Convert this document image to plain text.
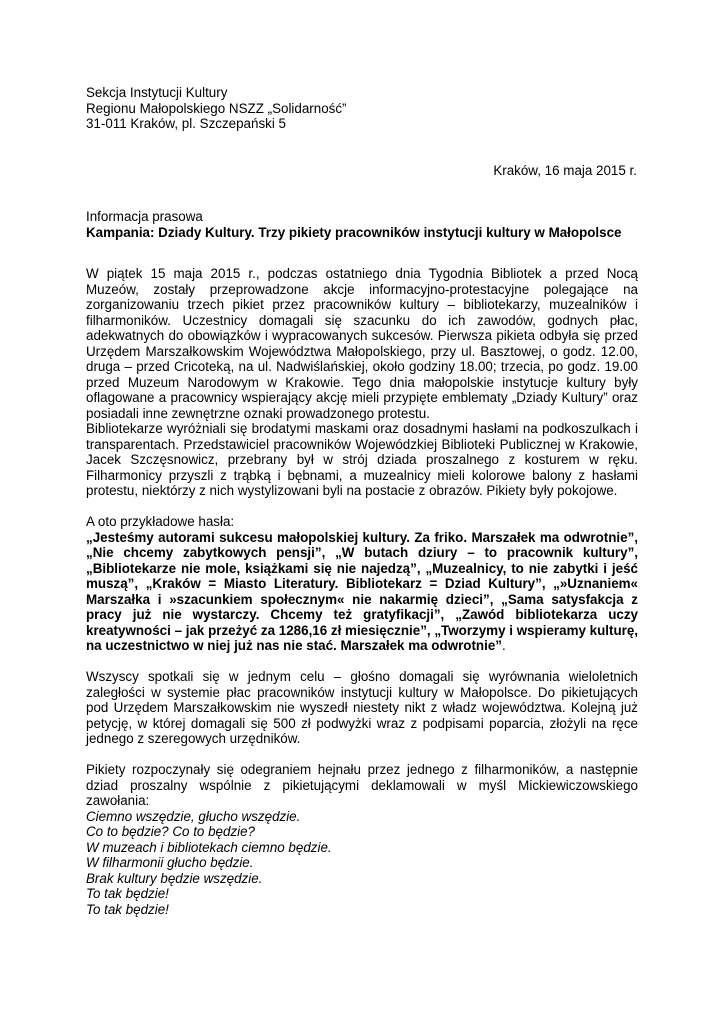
Sekcja Instytucji Kultury
Regionu Małopolskiego NSZZ „Solidarność”
31-011 Kraków, pl. Szczepański 5
Kraków, 16 maja 2015 r.
Informacja prasowa
Kampania: Dziady Kultury. Trzy pikiety pracowników instytucji kultury w Małopolsce

W piątek 15 maja 2015 r., podczas ostatniego dnia Tygodnia Bibliotek a przed Nocą Muzeów, zostały przeprowadzone akcje informacyjno-protestacyjne polegające na zorganizowaniu trzech pikiet przez pracowników kultury – bibliotekarzy, muzealników i filharmoników. Uczestnicy domagali się szacunku do ich zawodów, godnych płac, adekwatnych do obowiązków i wypracowanych sukcesów. Pierwsza pikieta odbyła się przed Urzędem Marszałkowskim Województwa Małopolskiego, przy ul. Basztowej, o godz. 12.00, druga – przed Cricoteką, na ul. Nadwiślańskiej, około godziny 18.00; trzecia, po godz. 19.00 przed Muzeum Narodowym w Krakowie. Tego dnia małopolskie instytucje kultury były oflagowane a pracownicy wspierający akcję mieli przypięte emblematy „Dziady Kultury” oraz posiadali inne zewnętrzne oznaki prowadzonego protestu.

Bibliotekarze wyróżniali się brodatymi maskami oraz dosadnymi hasłami na podkoszulkach i transparentach. Przedstawiciel pracowników Wojewódzkiej Biblioteki Publicznej w Krakowie, Jacek Szczęsnowicz, przebrany był w strój dziada proszalnego z kosturem w ręku. Filharmonicy przyszli z trąbką i bębnami, a muzealnicy mieli kolorowe balony z hasłami protestu, niektórzy z nich wystylizowani byli na postacie z obrazów. Pikiety były pokojowe.

A oto przykładowe hasła:

„Jesteśmy autorami sukcesu małopolskiej kultury. Za friko. Marszałek ma odwrotnie”, „Nie chcemy zabytkowych pensji”, „W butach dziury – to pracownik kultury”, „Bibliotekarze nie mole, książkami się nie najedzą”, „Muzealnicy, to nie zabytki i jeść muszą”, „Kraków = Miasto Literatury. Bibliotekarz = Dziad Kultury”, „»Uznaniem« Marszałka i »szacunkiem społecznym« nie nakarmię dzieci”, „Sama satysfakcja z pracy już nie wystarczy. Chcemy też gratyfikacji”, „Zawód bibliotekarza uczy kreatywności – jak przeżyć za 1286,16 zł miesięcznie”, „Tworzymy i wspieramy kulturę, na uczestnictwo w niej już nas nie stać. Marszałek ma odwrotnie”.

Wszyscy spotkali się w jednym celu – głośno domagali się wyrównania wieloletnich zaległości w systemie płac pracowników instytucji kultury w Małopolsce. Do pikietujących pod Urzędem Marszałkowskim nie wyszedł niestety nikt z władz województwa. Kolejną już petycję, w której domagali się 500 zł podwyżki wraz z podpisami poparcia, złożyli na ręce jednego z szeregowych urzędników.

Pikiety rozpoczynały się odegraniem hejnału przez jednego z filharmoników, a następnie dziad proszalny wspólnie z pikietującymi deklamowali w myśl Mickiewiczowskiego zawołania:

Ciemno wszędzie, głucho wszędzie.
Co to będzie? Co to będzie?
W muzeach i bibliotekach ciemno będzie.
W filharmonii głucho będzie.
Brak kultury będzie wszędzie.
To tak będzie!
To tak będzie!
